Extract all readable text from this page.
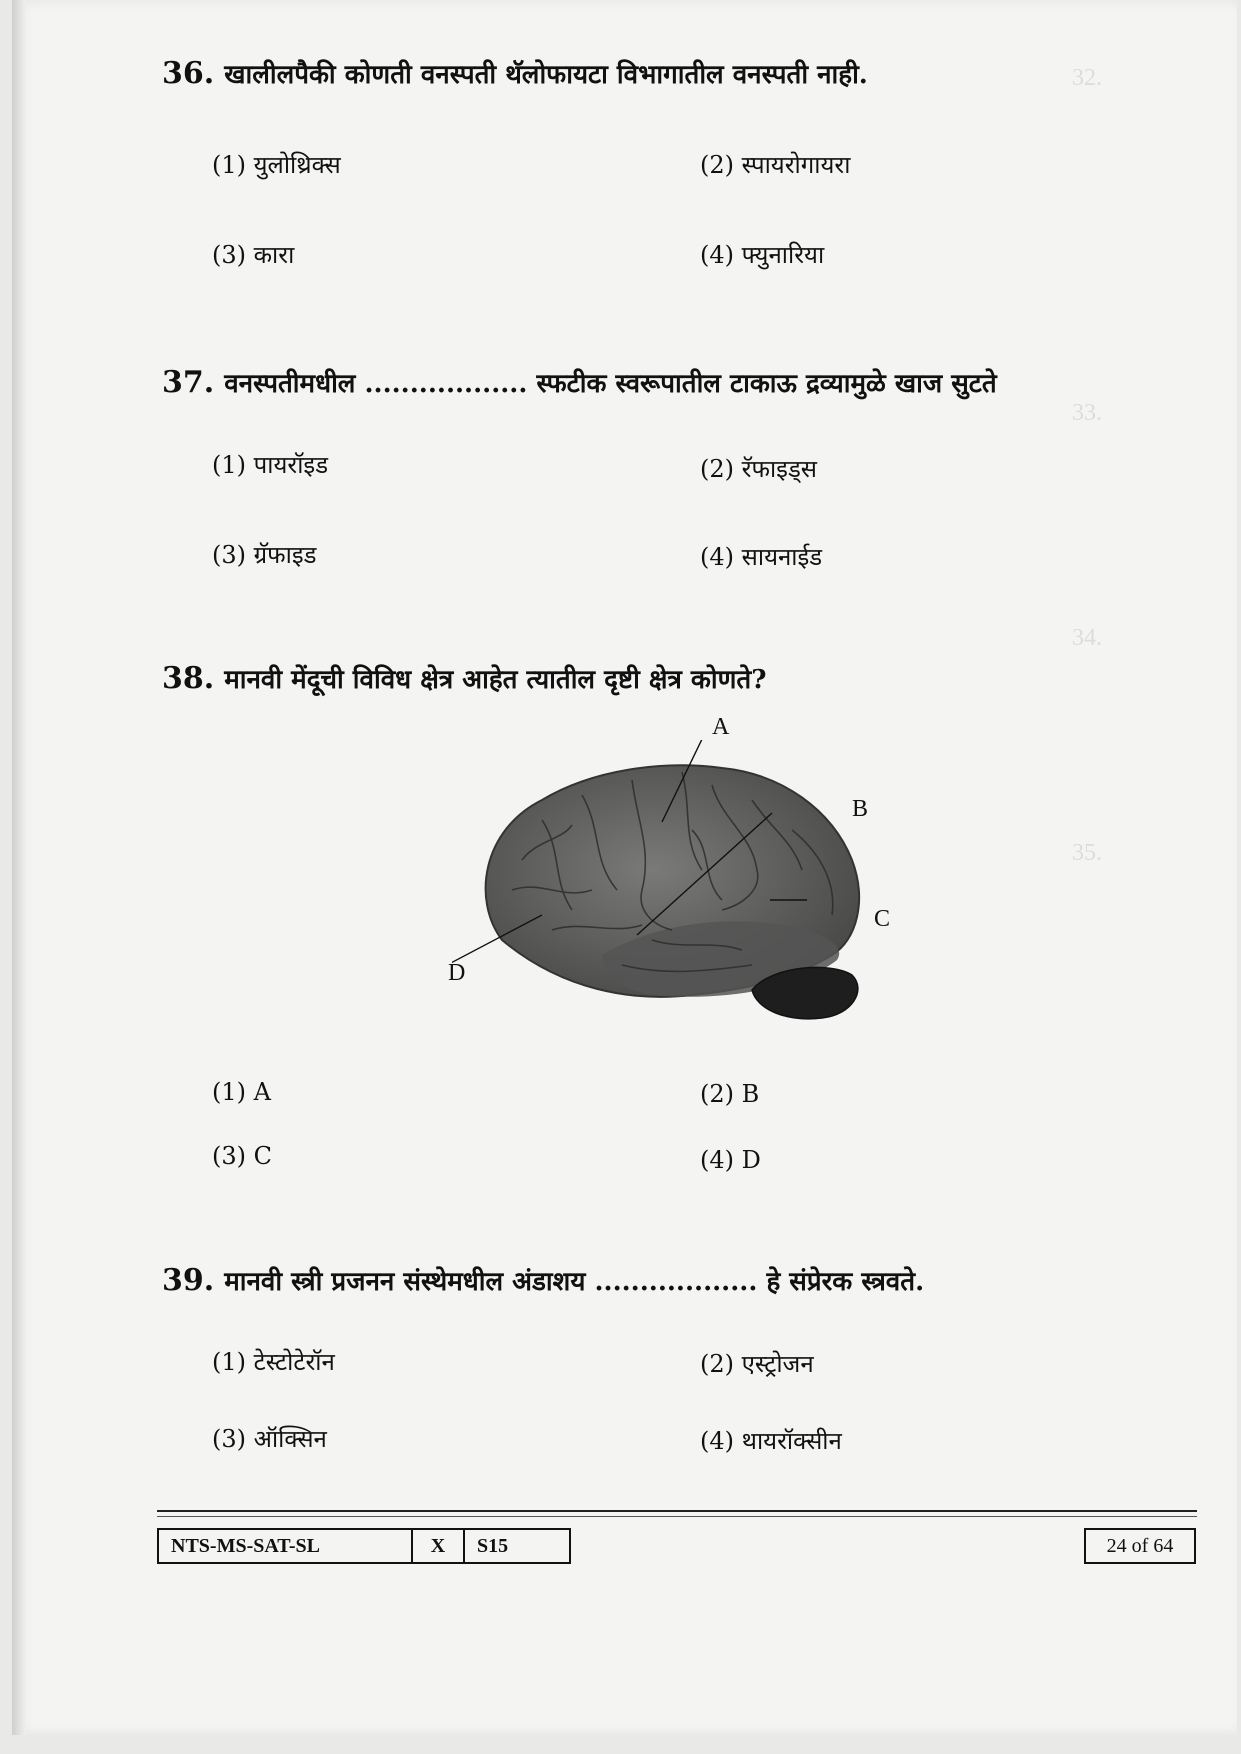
32.
33.
34.
35.
36. खालीलपैकी कोणती वनस्पती थॅलोफायटा विभागातील वनस्पती नाही.
(1) युलोथ्रिक्स	(2) स्पायरोगायरा
(3) कारा	(4) फ्युनारिया
37. वनस्पतीमधील .................. स्फटीक स्वरूपातील टाकाऊ द्रव्यामुळे खाज सुटते
(1) पायरॉइड	(2) रॅफाइड्स
(3) ग्रॅफाइड	(4) सायनाईड
38. मानवी मेंदूची विविध क्षेत्र आहेत त्यातील दृष्टी क्षेत्र कोणते?
A
B
C
D
(1) A	(2) B
(3) C	(4) D
39. मानवी स्त्री प्रजनन संस्थेमधील अंडाशय .................. हे संप्रेरक स्त्रवते.
(1) टेस्टोटेरॉन	(2) एस्ट्रोजन
(3) ऑक्सिन	(4) थायरॉक्सीन
NTS-MS-SAT-SL	X	S15	24 of 64
